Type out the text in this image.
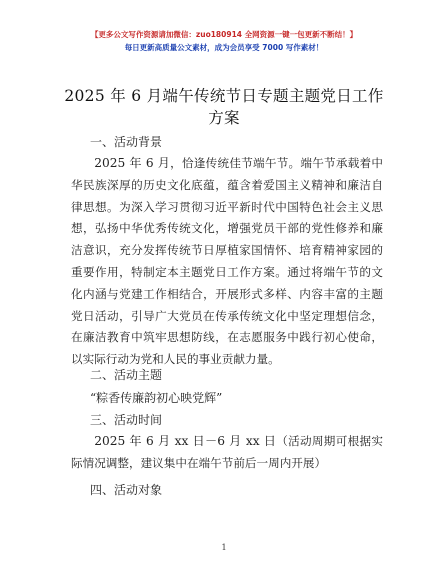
【更多公文写作资源请加微信：zuo180914 全网资源一键一包更新不断结！】
每日更新高质量公文素材，成为会员享受 7000 写作素材！
2025 年 6 月端午传统节日专题主题党日工作方案
一、活动背景

2025 年 6 月，恰逢传统佳节端午节。端午节承载着中华民族深厚的历史文化底蕴，蕴含着爱国主义精神和廉洁自律思想。为深入学习贯彻习近平新时代中国特色社会主义思想，弘扬中华优秀传统文化，增强党员干部的党性修养和廉洁意识，充分发挥传统节日厚植家国情怀、培育精神家园的重要作用，特制定本主题党日工作方案。通过将端午节的文化内涵与党建工作相结合，开展形式多样、内容丰富的主题党日活动，引导广大党员在传承传统文化中坚定理想信念，在廉洁教育中筑牢思想防线，在志愿服务中践行初心使命，以实际行动为党和人民的事业贡献力量。

二、活动主题
“粽香传廉韵初心映党辉”
三、活动时间

2025 年 6 月 xx 日－6 月 xx 日（活动周期可根据实际情况调整，建议集中在端午节前后一周内开展）

四、活动对象
1
